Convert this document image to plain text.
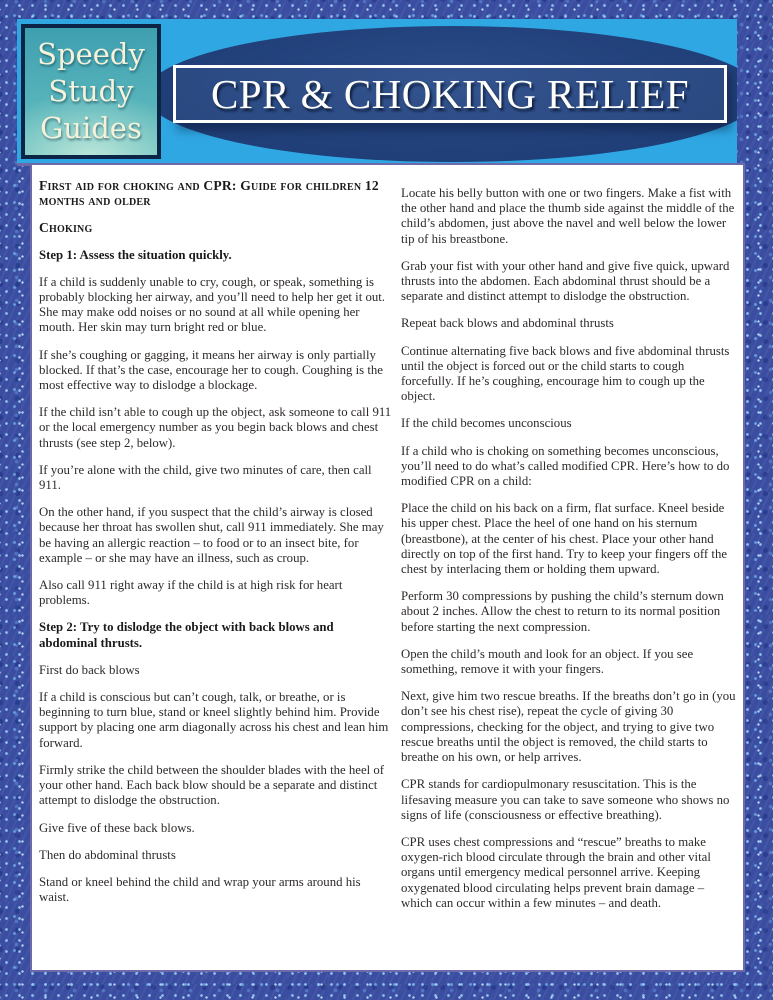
CPR & CHOKING RELIEF
Speedy
Study
Guides

First aid for choking and CPR: Guide for children 12 months and older

Choking

Step 1: Assess the situation quickly.

If a child is suddenly unable to cry, cough, or speak, something is probably blocking her airway, and you’ll need to help her get it out. She may make odd noises or no sound at all while opening her mouth. Her skin may turn bright red or blue.

If she’s coughing or gagging, it means her airway is only partially blocked. If that’s the case, encourage her to cough. Coughing is the most effective way to dislodge a blockage.

If the child isn’t able to cough up the object, ask someone to call 911 or the local emergency number as you begin back blows and chest thrusts (see step 2, below).

If you’re alone with the child, give two minutes of care, then call 911.

On the other hand, if you suspect that the child’s airway is closed because her throat has swollen shut, call 911 immediately. She may be having an allergic reaction – to food or to an insect bite, for example – or she may have an illness, such as croup.

Also call 911 right away if the child is at high risk for heart problems.

Step 2: Try to dislodge the object with back blows and abdominal thrusts.

First do back blows

If a child is conscious but can’t cough, talk, or breathe, or is beginning to turn blue, stand or kneel slightly behind him. Provide support by placing one arm diagonally across his chest and lean him forward.

Firmly strike the child between the shoulder blades with the heel of your other hand. Each back blow should be a separate and distinct attempt to dislodge the obstruction.

Give five of these back blows.

Then do abdominal thrusts

Stand or kneel behind the child and wrap your arms around his waist.

Locate his belly button with one or two fingers. Make a fist with the other hand and place the thumb side against the middle of the child’s abdomen, just above the navel and well below the lower tip of his breastbone.

Grab your fist with your other hand and give five quick, upward thrusts into the abdomen. Each abdominal thrust should be a separate and distinct attempt to dislodge the obstruction.

Repeat back blows and abdominal thrusts

Continue alternating five back blows and five abdominal thrusts until the object is forced out or the child starts to cough forcefully. If he’s coughing, encourage him to cough up the object.

If the child becomes unconscious

If a child who is choking on something becomes unconscious, you’ll need to do what’s called modified CPR. Here’s how to do modified CPR on a child:

Place the child on his back on a firm, flat surface. Kneel beside his upper chest. Place the heel of one hand on his sternum (breastbone), at the center of his chest. Place your other hand directly on top of the first hand. Try to keep your fingers off the chest by interlacing them or holding them upward.

Perform 30 compressions by pushing the child’s sternum down about 2 inches. Allow the chest to return to its normal position before starting the next compression.

Open the child’s mouth and look for an object. If you see something, remove it with your fingers.

Next, give him two rescue breaths. If the breaths don’t go in (you don’t see his chest rise), repeat the cycle of giving 30 compressions, checking for the object, and trying to give two rescue breaths until the object is removed, the child starts to breathe on his own, or help arrives.

CPR stands for cardiopulmonary resuscitation. This is the lifesaving measure you can take to save someone who shows no signs of life (consciousness or effective breathing).

CPR uses chest compressions and “rescue” breaths to make oxygen-rich blood circulate through the brain and other vital organs until emergency medical personnel arrive. Keeping oxygenated blood circulating helps prevent brain damage – which can occur within a few minutes – and death.
